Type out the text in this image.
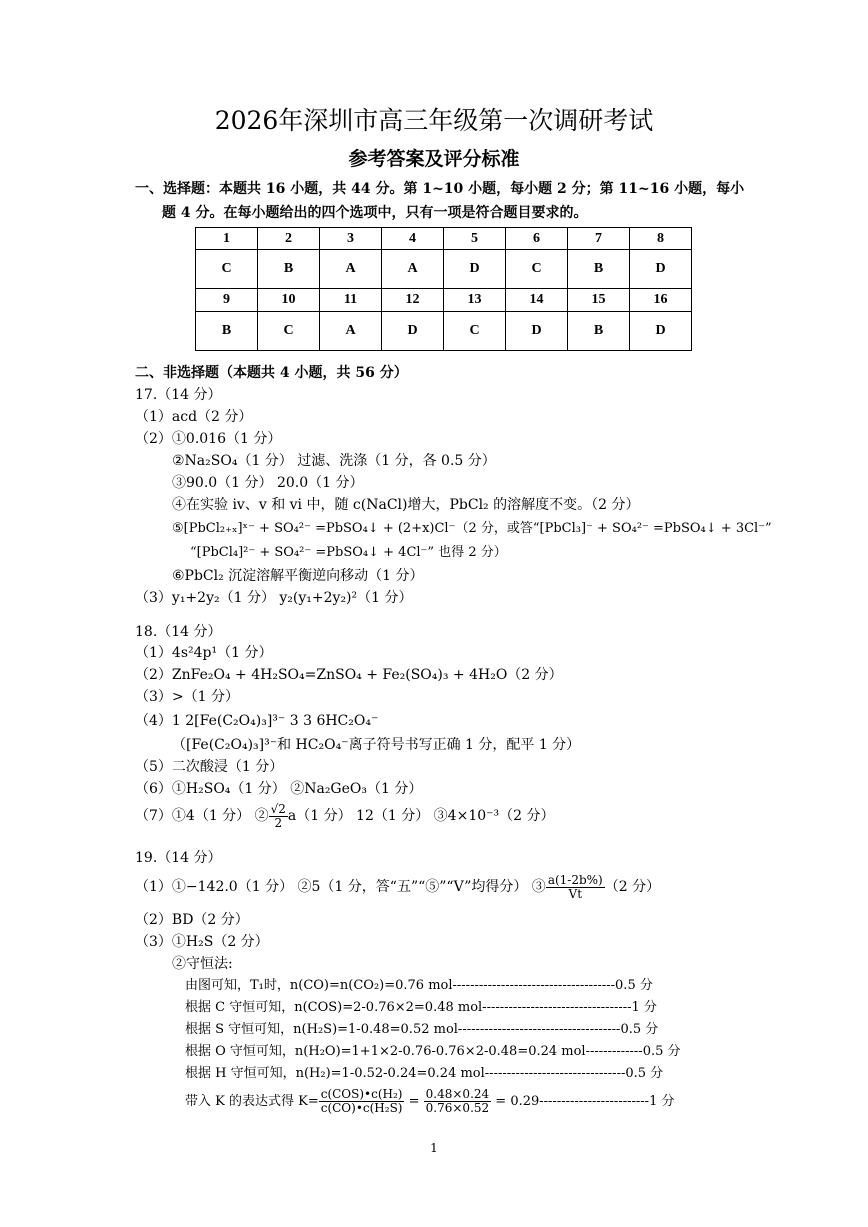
2026年深圳市高三年级第一次调研考试
参考答案及评分标准
一、选择题：本题共 16 小题，共 44 分。第 1~10 小题，每小题 2 分；第 11~16 小题，每小
题 4 分。在每小题给出的四个选项中，只有一项是符合题目要求的。
1	2	3	4	5	6	7	8
C	B	A	A	D	C	B	D
9	10	11	12	13	14	15	16
B	C	A	D	C	D	B	D
二、非选择题（本题共 4 小题，共 56 分）
17.（14 分）
（1）acd（2 分）
（2）①0.016（1 分）
②Na₂SO₄（1 分） 过滤、洗涤（1 分，各 0.5 分）
③90.0（1 分） 20.0（1 分）
④在实验 iv、v 和 vi 中，随 c(NaCl)增大，PbCl₂ 的溶解度不变。（2 分）
⑤[PbCl₂₊ₓ]ˣ⁻ + SO₄²⁻ =PbSO₄↓ + (2+x)Cl⁻（2 分，或答“[PbCl₃]⁻ + SO₄²⁻ =PbSO₄↓ + 3Cl⁻”
“[PbCl₄]²⁻ + SO₄²⁻ =PbSO₄↓ + 4Cl⁻” 也得 2 分）
⑥PbCl₂ 沉淀溶解平衡逆向移动（1 分）
（3）y₁+2y₂（1 分） y₂(y₁+2y₂)²（1 分）
18.（14 分）
（1）4s²4p¹（1 分）
（2）ZnFe₂O₄ + 4H₂SO₄=ZnSO₄ + Fe₂(SO₄)₃ + 4H₂O（2 分）
（3）>（1 分）
（4）1 2[Fe(C₂O₄)₃]³⁻ 3 3 6HC₂O₄⁻
（[Fe(C₂O₄)₃]³⁻和 HC₂O₄⁻离子符号书写正确 1 分，配平 1 分）
（5）二次酸浸（1 分）
（6）①H₂SO₄（1 分） ②Na₂GeO₃（1 分）
（7）①4（1 分） ② $\frac{√2}{2} a(1$ 分） 12（1 分） ③4×10⁻³（2 分）
19.（14 分）
（1）①−142.0（1 分） ②5（1 分，答“五”“⑤”“V”均得分） ③ $\frac{a(1-2b\%)}{Vt} (2$ 分）
（2）BD（2 分）
（3）①H₂S（2 分）
②守恒法:
由图可知，T₁时，n(CO)=n(CO₂)=0.76 mol-------------------------------------0.5 分
根据 C 守恒可知，n(COS)=2-0.76×2=0.48 mol----------------------------------1 分
根据 S 守恒可知，n(H₂S)=1-0.48=0.52 mol-------------------------------------0.5 分
根据 O 守恒可知，n(H₂O)=1+1×2-0.76-0.76×2-0.48=0.24 mol-------------0.5 分
根据 H 守恒可知，n(H₂)=1-0.52-0.24=0.24 mol--------------------------------0.5 分
带入 K 的表达式得 $K= \frac{\text{c(COS)•c(H₂)}}{\text{c(CO)•c(H₂S)}} = \frac{0.48\times 0.24}{0.76\times 0.52} = 0.29-------------------------1$ 分
1
